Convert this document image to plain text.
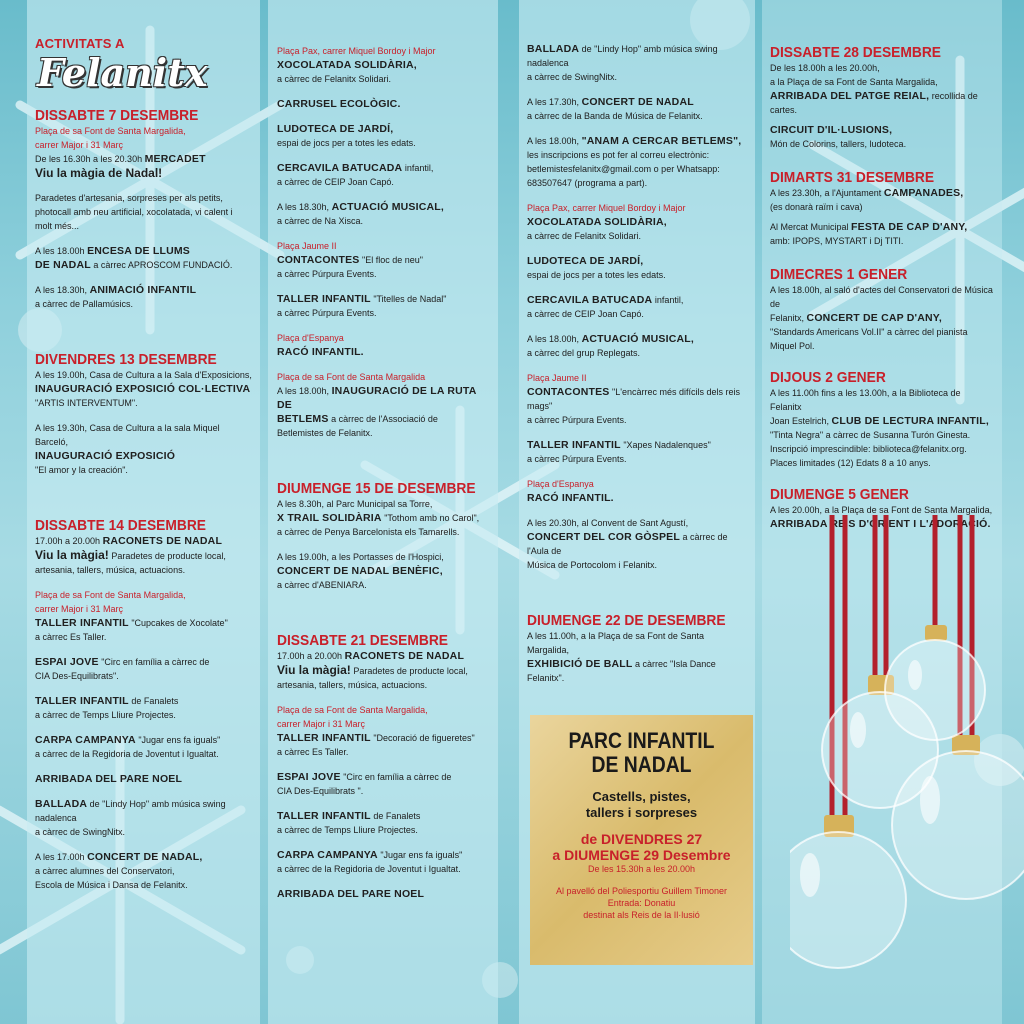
ACTIVITATS A
Felanitx
DISSABTE 7 DESEMBRE
Plaça de sa Font de Santa Margalida,
carrer Major i 31 Març
De les 16.30h a les 20.30h MERCADET
Viu la màgia de Nadal!
Paradetes d'artesania, sorpreses per als petits, photocall amb neu artificial, xocolatada, vi calent i molt més...
A les 18.00h ENCESA DE LLUMS
DE NADAL a càrrec APROSCOM FUNDACIÓ.
A les 18.30h, ANIMACIÓ INFANTIL
a càrrec de Pallamúsics.
DIVENDRES 13 DESEMBRE
A les 19.00h, Casa de Cultura a la Sala d'Exposicions,
INAUGURACIÓ EXPOSICIÓ COL·LECTIVA
"ARTIS INTERVENTUM".
A les 19.30h, Casa de Cultura a la sala Miquel Barceló,
INAUGURACIÓ EXPOSICIÓ
"El amor y la creación".
DISSABTE 14 DESEMBRE
17.00h a 20.00h RACONETS DE NADAL
Viu la màgia! Paradetes de producte local,
artesania, tallers, música, actuacions.
Plaça de sa Font de Santa Margalida,
carrer Major i 31 Març
TALLER INFANTIL "Cupcakes de Xocolate"
a càrrec Es Taller.
ESPAI JOVE "Circ en família a càrrec de
CIA Des-Equilibrats".
TALLER INFANTIL de Fanalets
a càrrec de Temps Lliure Projectes.
CARPA CAMPANYA "Jugar ens fa iguals"
a càrrec de la Regidoria de Joventut i Igualtat.
ARRIBADA DEL PARE NOEL
BALLADA de "Lindy Hop" amb música swing nadalenca
a càrrec de SwingNitx.
A les 17.00h CONCERT DE NADAL,
a càrrec alumnes del Conservatori,
Escola de Música i Dansa de Felanitx.
Plaça Pax, carrer Miquel Bordoy i Major
XOCOLATADA SOLIDÀRIA,
a càrrec de Felanitx Solidari.
CARRUSEL ECOLÒGIC.
LUDOTECA DE JARDÍ,
espai de jocs per a totes les edats.
CERCAVILA BATUCADA infantil,
a càrrec de CEIP Joan Capó.
A les 18.30h, ACTUACIÓ MUSICAL,
a càrrec de Na Xisca.
Plaça Jaume II
CONTACONTES "El floc de neu"
a càrrec Púrpura Events.
TALLER INFANTIL "Titelles de Nadal"
a càrrec Púrpura Events.
Plaça d'Espanya
RACÓ INFANTIL.
Plaça de sa Font de Santa Margalida
A les 18.00h, INAUGURACIÓ DE LA RUTA DE
BETLEMS a càrrec de l'Associació de
Betlemistes de Felanitx.
DIUMENGE 15 DE DESEMBRE
A les 8.30h, al Parc Municipal sa Torre,
X TRAIL SOLIDÀRIA "Tothom amb no Carol",
a càrrec de Penya Barcelonista els Tamarells.
A les 19.00h, a les Portasses de l'Hospici,
CONCERT DE NADAL BENÈFIC,
a càrrec d'ABENIARA.
DISSABTE 21 DESEMBRE
17.00h a 20.00h RACONETS DE NADAL
Viu la màgia! Paradetes de producte local,
artesania, tallers, música, actuacions.
Plaça de sa Font de Santa Margalida,
carrer Major i 31 Març
TALLER INFANTIL "Decoració de figueretes"
a càrrec Es Taller.
ESPAI JOVE "Circ en família a càrrec de
CIA Des-Equilibrats ".
TALLER INFANTIL de Fanalets
a càrrec de Temps Lliure Projectes.
CARPA CAMPANYA "Jugar ens fa iguals"
a càrrec de la Regidoria de Joventut i Igualtat.
ARRIBADA DEL PARE NOEL
BALLADA de "Lindy Hop" amb música swing nadalenca
a càrrec de SwingNitx.
A les 17.30h, CONCERT DE NADAL
a càrrec de la Banda de Música de Felanitx.
A les 18.00h, "ANAM A CERCAR BETLEMS",
les inscripcions es pot fer al correu electrònic:
betlemistesfelanitx@gmail.com o per Whatsapp:
683507647 (programa a part).
Plaça Pax, carrer Miquel Bordoy i Major
XOCOLATADA SOLIDÀRIA,
a càrrec de Felanitx Solidari.
LUDOTECA DE JARDÍ,
espai de jocs per a totes les edats.
CERCAVILA BATUCADA infantil,
a càrrec de CEIP Joan Capó.
A les 18.00h, ACTUACIÓ MUSICAL,
a càrrec del grup Replegats.
Plaça Jaume II
CONTACONTES "L'encàrrec més difícils dels reis mags"
a càrrec Púrpura Events.
TALLER INFANTIL "Xapes Nadalenques"
a càrrec Púrpura Events.
Plaça d'Espanya
RACÓ INFANTIL.
A les 20.30h, al Convent de Sant Agustí,
CONCERT DEL COR GÒSPEL a càrrec de l'Aula de
Música de Portocolom i Felanitx.
DIUMENGE 22 DE DESEMBRE
A les 11.00h, a la Plaça de sa Font de Santa Margalida,
EXHIBICIÓ DE BALL a càrrec "Isla Dance Felanitx".
PARC INFANTIL
DE NADAL
Castells, pistes,
tallers i sorpreses
de DIVENDRES 27
a DIUMENGE 29 Desembre
De les 15.30h a les 20.00h
Al pavelló del Poliesportiu Guillem Timoner
Entrada: Donatiu
destinat als Reis de la Il·lusió
DISSABTE 28 DESEMBRE
De les 18.00h a les 20.00h,
a la Plaça de sa Font de Santa Margalida,
ARRIBADA DEL PATGE REIAL, recollida de cartes.
CIRCUIT D'IL·LUSIONS,
Món de Colorins, tallers, ludoteca.
DIMARTS 31 DESEMBRE
A les 23.30h, a l'Ajuntament CAMPANADES,
(es donarà raïm i cava)
Al Mercat Municipal FESTA DE CAP D'ANY,
amb: IPOPS, MYSTART i Dj TITI.
DIMECRES 1 GENER
A les 18.00h, al saló d'actes del Conservatori de Música de
Felanitx, CONCERT DE CAP D'ANY,
"Standards Americans Vol.II" a càrrec del pianista Miquel Pol.
DIJOUS 2 GENER
A les 11.00h fins a les 13.00h, a la Biblioteca de Felanitx
Joan Estelrich, CLUB DE LECTURA INFANTIL,
"Tinta Negra" a càrrec de Susanna Turón Ginesta.
Inscripció imprescindible: biblioteca@felanitx.org.
Places limitades (12) Edats 8 a 10 anys.
DIUMENGE 5 GENER
A les 20.00h, a la Plaça de sa Font de Santa Margalida,
ARRIBADA REIS D'ORIENT I L'ADORACIÓ.
